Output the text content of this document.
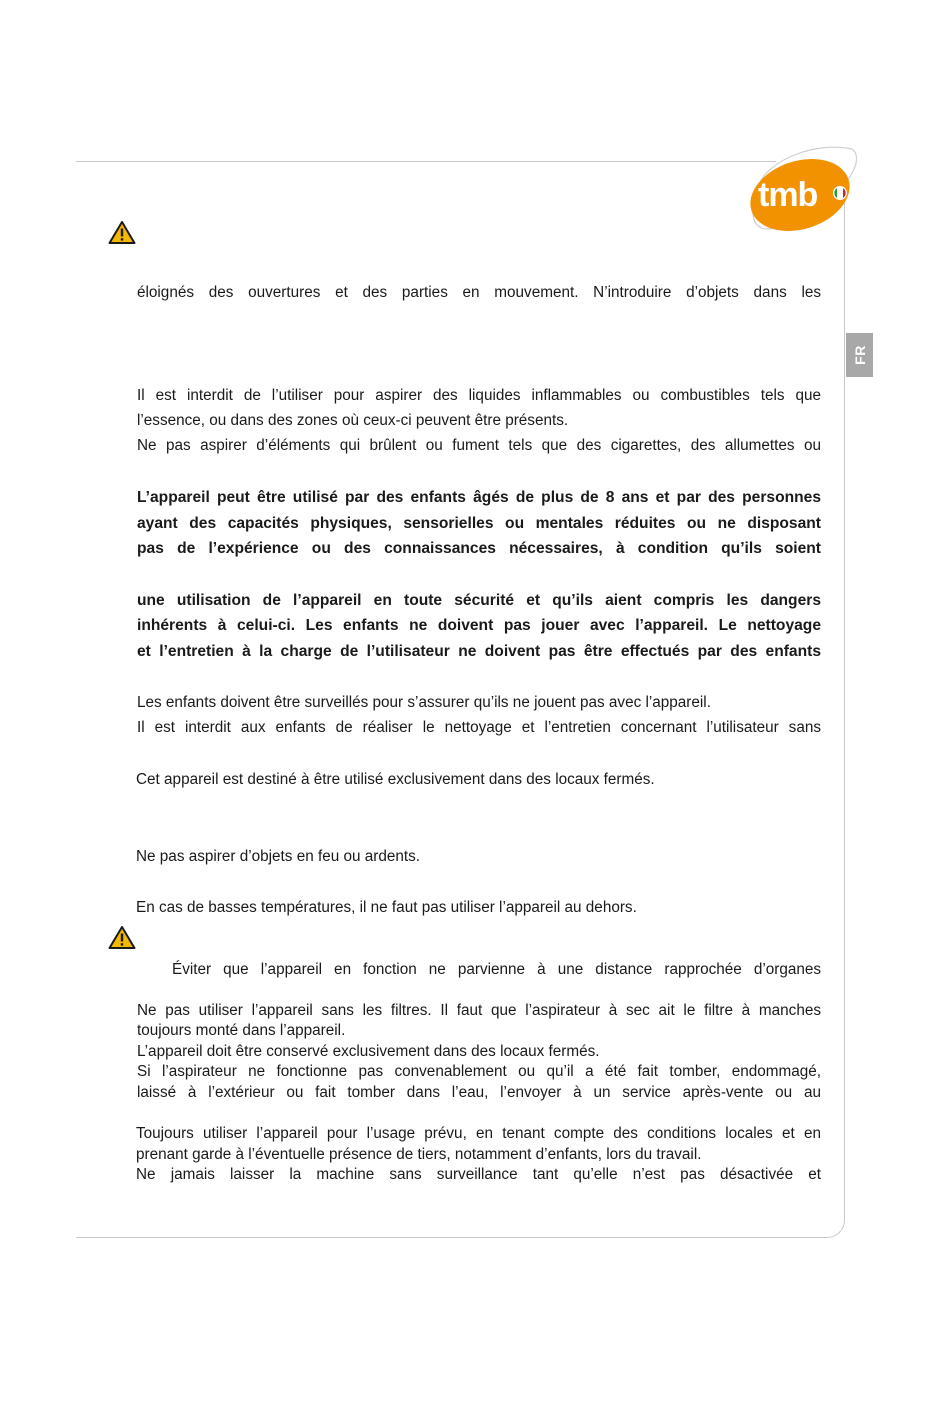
tmb
FR
éloignés des ouvertures et des parties en mouvement. N’introduire d’objets dans les
Il est interdit de l’utiliser pour aspirer des liquides inflammables ou combustibles tels que
l’essence, ou dans des zones où ceux-ci peuvent être présents.
Ne pas aspirer d’éléments qui brûlent ou fument tels que des cigarettes, des allumettes ou
L’appareil peut être utilisé par des enfants âgés de plus de 8 ans et par des personnes
ayant des capacités physiques, sensorielles ou mentales réduites ou ne disposant
pas de l’expérience ou des connaissances nécessaires, à condition qu’ils soient
une utilisation de l’appareil en toute sécurité et qu’ils aient compris les dangers
inhérents à celui-ci. Les enfants ne doivent pas jouer avec l’appareil. Le nettoyage
et l’entretien à la charge de l’utilisateur ne doivent pas être effectués par des enfants
Les enfants doivent être surveillés pour s’assurer qu’ils ne jouent pas avec l’appareil.
Il est interdit aux enfants de réaliser le nettoyage et l’entretien concernant l’utilisateur sans
Cet appareil est destiné à être utilisé exclusivement dans des locaux fermés.
Ne pas aspirer d’objets en feu ou ardents.
En cas de basses températures, il ne faut pas utiliser l’appareil au dehors.
Éviter que l’appareil en fonction ne parvienne à une distance rapprochée d’organes
Ne pas utiliser l’appareil sans les filtres. Il faut que l’aspirateur à sec ait le filtre à manches
toujours monté dans l’appareil.
L’appareil doit être conservé exclusivement dans des locaux fermés.
Si l’aspirateur ne fonctionne pas convenablement ou qu’il a été fait tomber, endommagé,
laissé à l’extérieur ou fait tomber dans l’eau, l’envoyer à un service après-vente ou au
Toujours utiliser l’appareil pour l’usage prévu, en tenant compte des conditions locales et en
prenant garde à l’éventuelle présence de tiers, notamment d’enfants, lors du travail.
Ne jamais laisser la machine sans surveillance tant qu’elle n’est pas désactivée et
